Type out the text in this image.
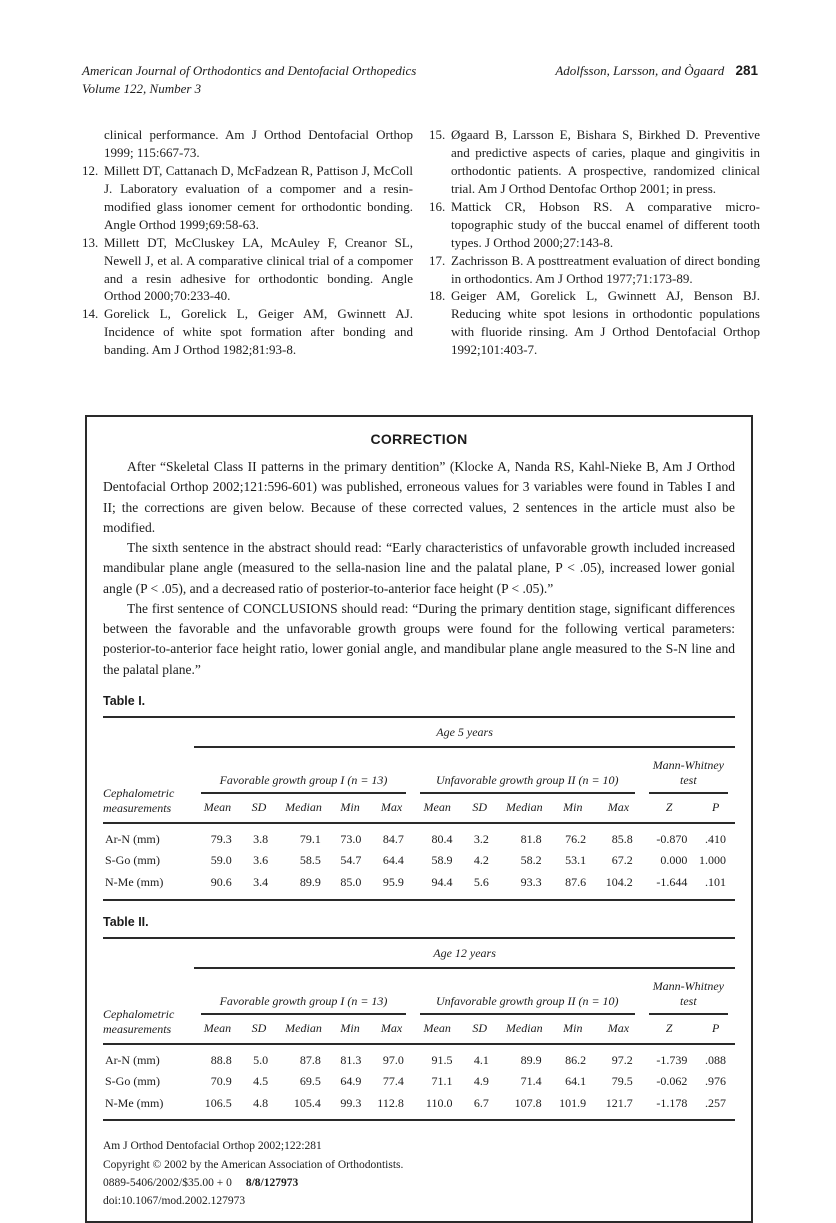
American Journal of Orthodontics and Dentofacial Orthopedics
Volume 122, Number 3
Adolfsson, Larsson, and Ògaard 281
clinical performance. Am J Orthod Dentofacial Orthop 1999; 115:667-73.
12. Millett DT, Cattanach D, McFadzean R, Pattison J, McColl J. Laboratory evaluation of a compomer and a resin-modified glass ionomer cement for orthodontic bonding. Angle Orthod 1999;69:58-63.
13. Millett DT, McCluskey LA, McAuley F, Creanor SL, Newell J, et al. A comparative clinical trial of a compomer and a resin adhesive for orthodontic bonding. Angle Orthod 2000;70:233-40.
14. Gorelick L, Gorelick L, Geiger AM, Gwinnett AJ. Incidence of white spot formation after bonding and banding. Am J Orthod 1982;81:93-8.
15. Øgaard B, Larsson E, Bishara S, Birkhed D. Preventive and predictive aspects of caries, plaque and gingivitis in orthodontic patients. A prospective, randomized clinical trial. Am J Orthod Dentofac Orthop 2001; in press.
16. Mattick CR, Hobson RS. A comparative micro-topographic study of the buccal enamel of different tooth types. J Orthod 2000;27:143-8.
17. Zachrisson B. A posttreatment evaluation of direct bonding in orthodontics. Am J Orthod 1977;71:173-89.
18. Geiger AM, Gorelick L, Gwinnett AJ, Benson BJ. Reducing white spot lesions in orthodontic populations with fluoride rinsing. Am J Orthod Dentofacial Orthop 1992;101:403-7.
CORRECTION

After “Skeletal Class II patterns in the primary dentition” (Klocke A, Nanda RS, Kahl-Nieke B, Am J Orthod Dentofacial Orthop 2002;121:596-601) was published, erroneous values for 3 variables were found in Tables I and II; the corrections are given below. Because of these corrected values, 2 sentences in the article must also be modified.

The sixth sentence in the abstract should read: “Early characteristics of unfavorable growth included increased mandibular plane angle (measured to the sella-nasion line and the palatal plane, P < .05), increased lower gonial angle (P < .05), and a decreased ratio of posterior-to-anterior face height (P < .05).”

The first sentence of CONCLUSIONS should read: “During the primary dentition stage, significant differences between the favorable and the unfavorable growth groups were found for the following vertical parameters: posterior-to-anterior face height ratio, lower gonial angle, and mandibular plane angle measured to the S-N line and the palatal plane.”

Table I.
Cephalometric measurements	Age 5 years											

	Favorable growth group I (n = 13)					Unfavorable growth group II (n = 10)					Mann-Whitney
test	

	Mean	SD	Median	Min	Max	Mean	SD	Median	Min	Max	Z	P
Ar-N (mm)	79.3	3.8	79.1	73.0	84.7	80.4	3.2	81.8	76.2	85.8	-0.870	.410
S-Go (mm)	59.0	3.6	58.5	54.7	64.4	58.9	4.2	58.2	53.1	67.2	0.000	1.000
N-Me (mm)	90.6	3.4	89.9	85.0	95.9	94.4	5.6	93.3	87.6	104.2	-1.644	.101
Table II.
Cephalometric measurements	Age 12 years											

	Favorable growth group I (n = 13)					Unfavorable growth group II (n = 10)					Mann-Whitney
test	

	Mean	SD	Median	Min	Max	Mean	SD	Median	Min	Max	Z	P
Ar-N (mm)	88.8	5.0	87.8	81.3	97.0	91.5	4.1	89.9	86.2	97.2	-1.739	.088
S-Go (mm)	70.9	4.5	69.5	64.9	77.4	71.1	4.9	71.4	64.1	79.5	-0.062	.976
N-Me (mm)	106.5	4.8	105.4	99.3	112.8	110.0	6.7	107.8	101.9	121.7	-1.178	.257
Am J Orthod Dentofacial Orthop 2002;122:281
Copyright © 2002 by the American Association of Orthodontists.
0889-5406/2002/$35.00 + 0 8/8/127973
doi:10.1067/mod.2002.127973
